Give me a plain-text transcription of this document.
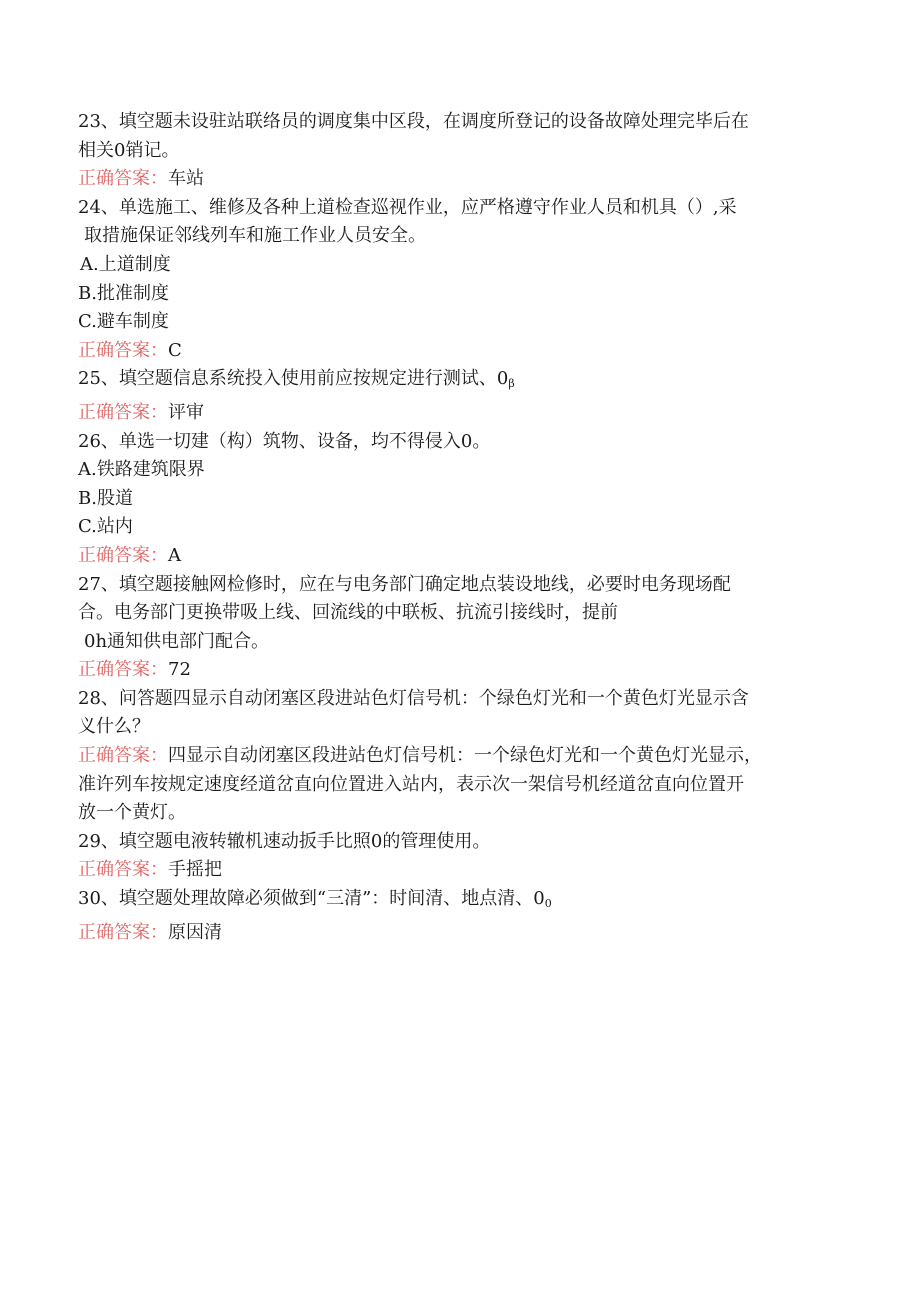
23、填空题未设驻站联络员的调度集中区段，在调度所登记的设备故障处理完毕后在
相关0销记。
正确答案：车站
24、单选施工、维修及各种上道检查巡视作业，应严格遵守作业人员和机具（）,采
取措施保证邻线列车和施工作业人员安全。
A.上道制度
B.批准制度
C.避车制度
正确答案：C
25、填空题信息系统投入使用前应按规定进行测试、$0_\beta$
正确答案：评审
26、单选一切建（构）筑物、设备，均不得侵入0。
A.铁路建筑限界
B.股道
C.站内
正确答案：A
27、填空题接触网检修时，应在与电务部门确定地点装设地线，必要时电务现场配
合。电务部门更换带吸上线、回流线的中联板、抗流引接线时，提前
0h通知供电部门配合。
正确答案：72
28、问答题四显示自动闭塞区段进站色灯信号机：个绿色灯光和一个黄色灯光显示含
义什么？
正确答案：四显示自动闭塞区段进站色灯信号机：一个绿色灯光和一个黄色灯光显示，
准许列车按规定速度经道岔直向位置进入站内，表示次一架信号机经道岔直向位置开
放一个黄灯。
29、填空题电液转辙机速动扳手比照0的管理使用。
正确答案：手摇把
30、填空题处理故障必须做到“三清”：时间清、地点清、$0_0$
正确答案：原因清
